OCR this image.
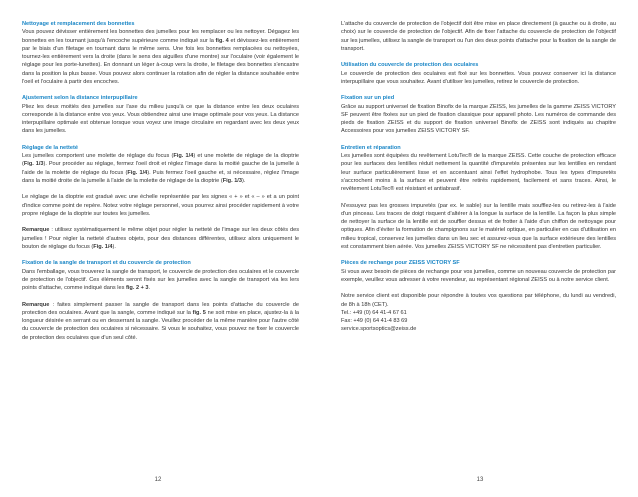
Nettoyage et remplacement des bonnettes

Vous pouvez dévisser entièrement les bonnettes des jumelles pour les remplacer ou les nettoyer. Dégagez les bonnettes en les tournant jusqu'à l'encoche supérieure comme indiqué sur la fig. 4 et dévissez-les entièrement par le biais d'un filetage en tournant dans le même sens. Une fois les bonnettes remplacées ou nettoyées, tournez-les entièrement vers la droite (dans le sens des aiguilles d'une montre) sur l'oculaire (voir également le réglage pour les porte-lunettes). En donnant un léger à-coup vers la droite, le filetage des bonnettes s'encastre dans la position la plus basse. Vous pouvez alors continuer la rotation afin de régler la distance souhaitée entre l'oeil et l'oculaire à partir des encoches.

Ajustement selon la distance interpupillaire

Pliez les deux moitiés des jumelles sur l'axe du milieu jusqu'à ce que la distance entre les deux oculaires corresponde à la distance entre vos yeux. Vous obtiendrez ainsi une image optimale pour vos yeux. La distance interpupillaire optimale est obtenue lorsque vous voyez une image circulaire en regardant avec les deux yeux dans les jumelles.

Réglage de la netteté

Les jumelles comportent une molette de réglage du focus (Fig. 1/4) et une molette de réglage de la dioptrie (Fig. 1/3). Pour procéder au réglage, fermez l'oeil droit et réglez l'image dans la moitié gauche de la jumelle à l'aide de la molette de réglage du focus (Fig. 1/4). Puis fermez l'oeil gauche et, si nécessaire, réglez l'image dans la moitié droite de la jumelle à l'aide de la molette de réglage de la dioptrie (Fig. 1/3).

Le réglage de la dioptrie est gradué avec une échelle représentée par les signes « + » et « – » et a un point d'indice comme point de repère. Notez votre réglage personnel, vous pourrez ainsi procéder rapidement à votre propre réglage de la dioptrie sur toutes les jumelles.

Remarque : utilisez systématiquement le même objet pour régler la netteté de l'image sur les deux côtés des jumelles ! Pour régler la netteté d'autres objets, pour des distances différentes, utilisez alors uniquement le bouton de réglage du focus (Fig. 1/4).

Fixation de la sangle de transport et du couvercle de protection

Dans l'emballage, vous trouverez la sangle de transport, le couvercle de protection des oculaires et le couvercle de protection de l'objectif. Ces éléments seront fixés sur les jumelles avec la sangle de transport via les lers points d'attache, comme indiqué dans les fig. 2 + 3.

Remarque : faites simplement passer la sangle de transport dans les points d'attache du couvercle de protection des oculaires. Avant que la sangle, comme indiqué sur la fig. 5 ne soit mise en place, ajustez-la à la longueur désirée en serrant ou en desserrant la sangle. Veuillez procéder de la même manière pour l'autre côté du couvercle de protection des oculaires si nécessaire. Si vous le souhaitez, vous pouvez ne fixer le couvercle de protection des oculaires que d'un seul côté.

12

L'attache du couvercle de protection de l'objectif doit être mise en place directement (à gauche ou à droite, au choix) sur le couvercle de protection de l'objectif. Afin de fixer l'attache du couvercle de protection de l'objectif sur les jumelles, utilisez la sangle de transport ou l'un des deux points d'attache pour la fixation de la sangle de transport.

Utilisation du couvercle de protection des oculaires

Le couvercle de protection des oculaires est fixé sur les bonnettes. Vous pouvez conserver ici la distance interpupillaire que vous souhaitez. Avant d'utiliser les jumelles, retirez le couvercle de protection.

Fixation sur un pied

Grâce au support universel de fixation Binofix de la marque ZEISS, les jumelles de la gamme ZEISS VICTORY SF peuvent être fixées sur un pied de fixation classique pour appareil photo. Les numéros de commande des pieds de fixation ZEISS et du support de fixation universel Binofix de ZEISS sont indiqués au chapitre Accessoires pour vos jumelles ZEISS VICTORY SF.

Entretien et réparation

Les jumelles sont équipées du revêtement LotuTec® de la marque ZEISS. Cette couche de protection efficace pour les surfaces des lentilles réduit nettement la quantité d'impuretés présentes sur les lentilles en rendant leur surface particulièrement lisse et en accentuant ainsi l'effet hydrophobe. Tous les types d'impuretés s'accrochent moins à la surface et peuvent être retirés rapidement, facilement et sans traces. Ainsi, le revêtement LotuTec® est résistant et antiabrasif.

N'essuyez pas les grosses impuretés (par ex. le sable) sur la lentille mais soufflez-les ou retirez-les à l'aide d'un pinceau. Les traces de doigt risquent d'altérer à la longue la surface de la lentille. La façon la plus simple de nettoyer la surface de la lentille est de souffler dessus et de frotter à l'aide d'un chiffon de nettoyage pour optiques. Afin d'éviter la formation de champignons sur le matériel optique, en particulier en cas d'utilisation en milieu tropical, conservez les jumelles dans un lieu sec et assurez-vous que la surface extérieure des lentilles est constamment bien aérée. Vos jumelles ZEISS VICTORY SF ne nécessitent pas d'entretien particulier.

Pièces de rechange pour ZEISS VICTORY SF

Si vous avez besoin de pièces de rechange pour vos jumelles, comme un nouveau couvercle de protection par exemple, veuillez vous adresser à votre revendeur, au représentant régional ZEISS ou à notre service client.

Notre service client est disponible pour répondre à toutes vos questions par téléphone, du lundi au vendredi, de 8h à 18h (CET).

Tel.: +49 (0) 64 41-4 67 61
Fax: +49 (0) 64 41-4 83 69
service.sportsoptics@zeiss.de

13
